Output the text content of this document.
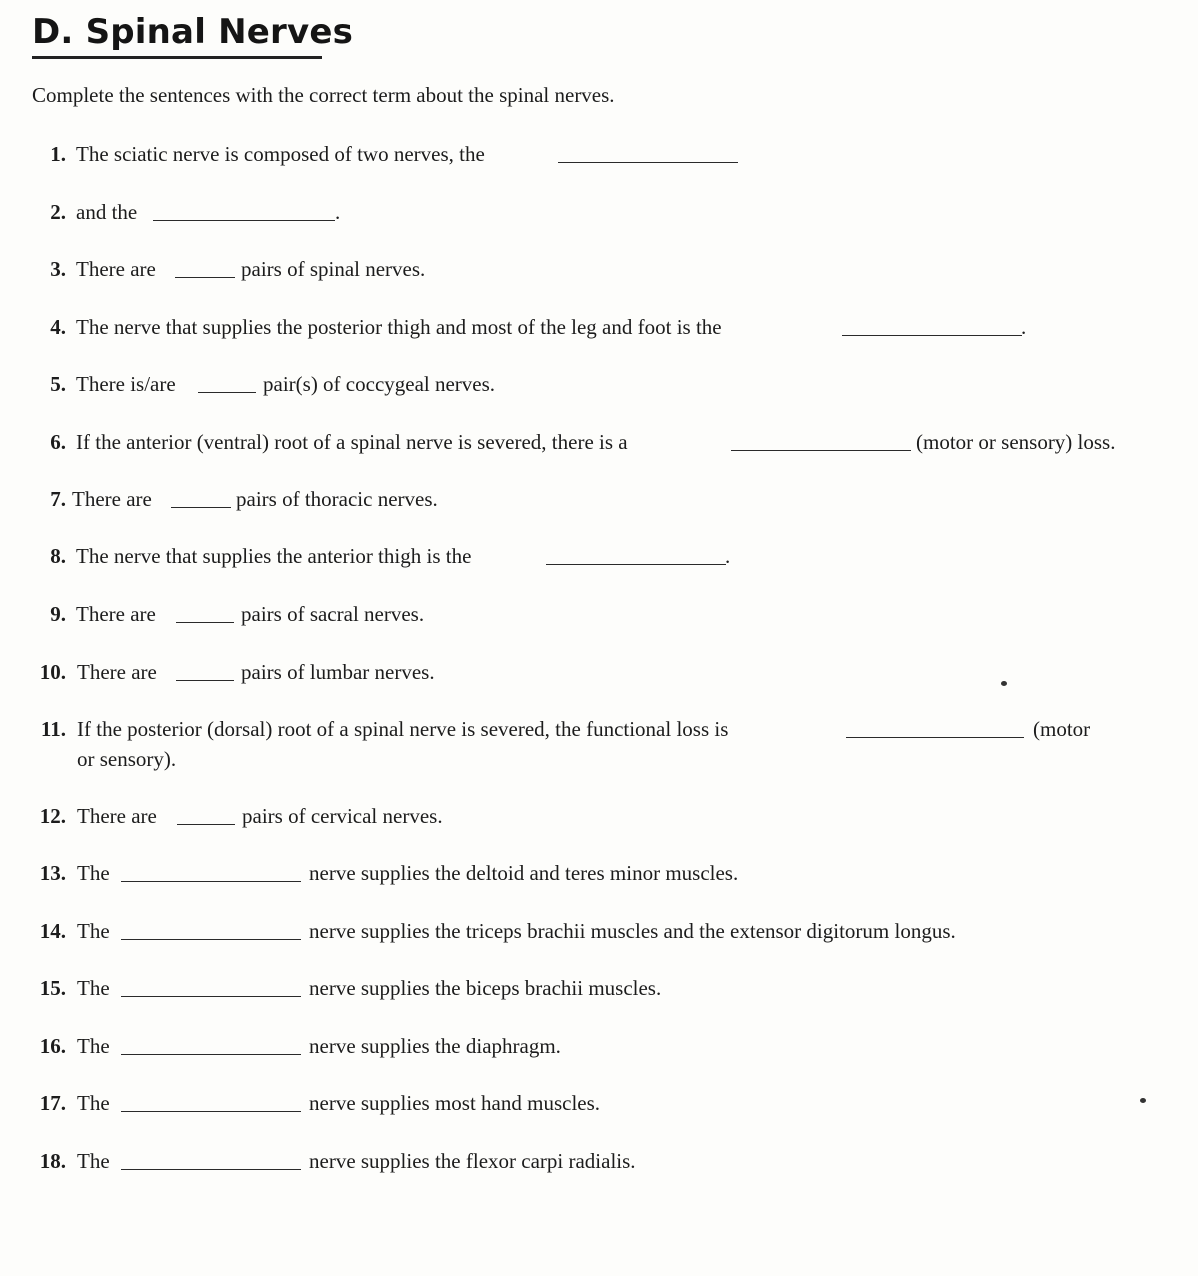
D. Spinal Nerves
Complete the sentences with the correct term about the spinal nerves.
1. The sciatic nerve is composed of two nerves, the
2. and the	.
3. There are	pairs of spinal nerves.
4. The nerve that supplies the posterior thigh and most of the leg and foot is the	.
5. There is/are	pair(s) of coccygeal nerves.
6. If the anterior (ventral) root of a spinal nerve is severed, there is a	(motor or sensory) loss.
7. There are	pairs of thoracic nerves.
8. The nerve that supplies the anterior thigh is the	.
9. There are	pairs of sacral nerves.
10. There are	pairs of lumbar nerves.
11. If the posterior (dorsal) root of a spinal nerve is severed, the functional loss is	(motor
or sensory).
12. There are	pairs of cervical nerves.
13. The	nerve supplies the deltoid and teres minor muscles.
14. The	nerve supplies the triceps brachii muscles and the extensor digitorum longus.
15. The	nerve supplies the biceps brachii muscles.
16. The	nerve supplies the diaphragm.
17. The	nerve supplies most hand muscles.
18. The	nerve supplies the flexor carpi radialis.
